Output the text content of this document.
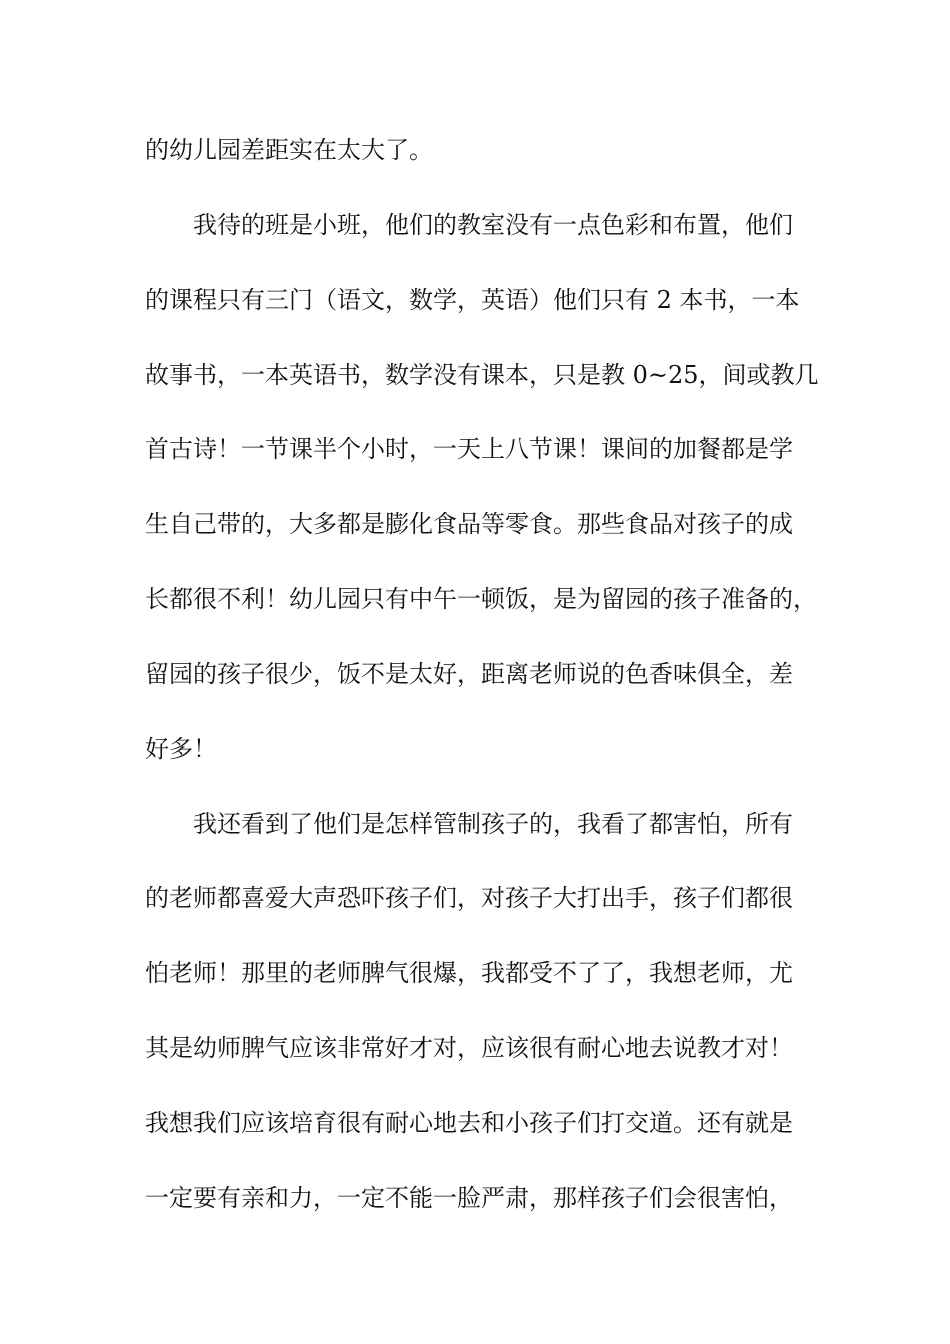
的幼儿园差距实在太大了。
我待的班是小班，他们的教室没有一点色彩和布置，他们
的课程只有三门（语文，数学，英语）他们只有 2 本书，一本
故事书，一本英语书，数学没有课本，只是教 0~25，间或教几
首古诗！一节课半个小时，一天上八节课！课间的加餐都是学
生自己带的，大多都是膨化食品等零食。那些食品对孩子的成
长都很不利！幼儿园只有中午一顿饭，是为留园的孩子准备的，
留园的孩子很少，饭不是太好，距离老师说的色香味俱全，差
好多！
我还看到了他们是怎样管制孩子的，我看了都害怕，所有
的老师都喜爱大声恐吓孩子们，对孩子大打出手，孩子们都很
怕老师！那里的老师脾气很爆，我都受不了了，我想老师，尤
其是幼师脾气应该非常好才对，应该很有耐心地去说教才对！
我想我们应该培育很有耐心地去和小孩子们打交道。还有就是
一定要有亲和力，一定不能一脸严肃，那样孩子们会很害怕，
